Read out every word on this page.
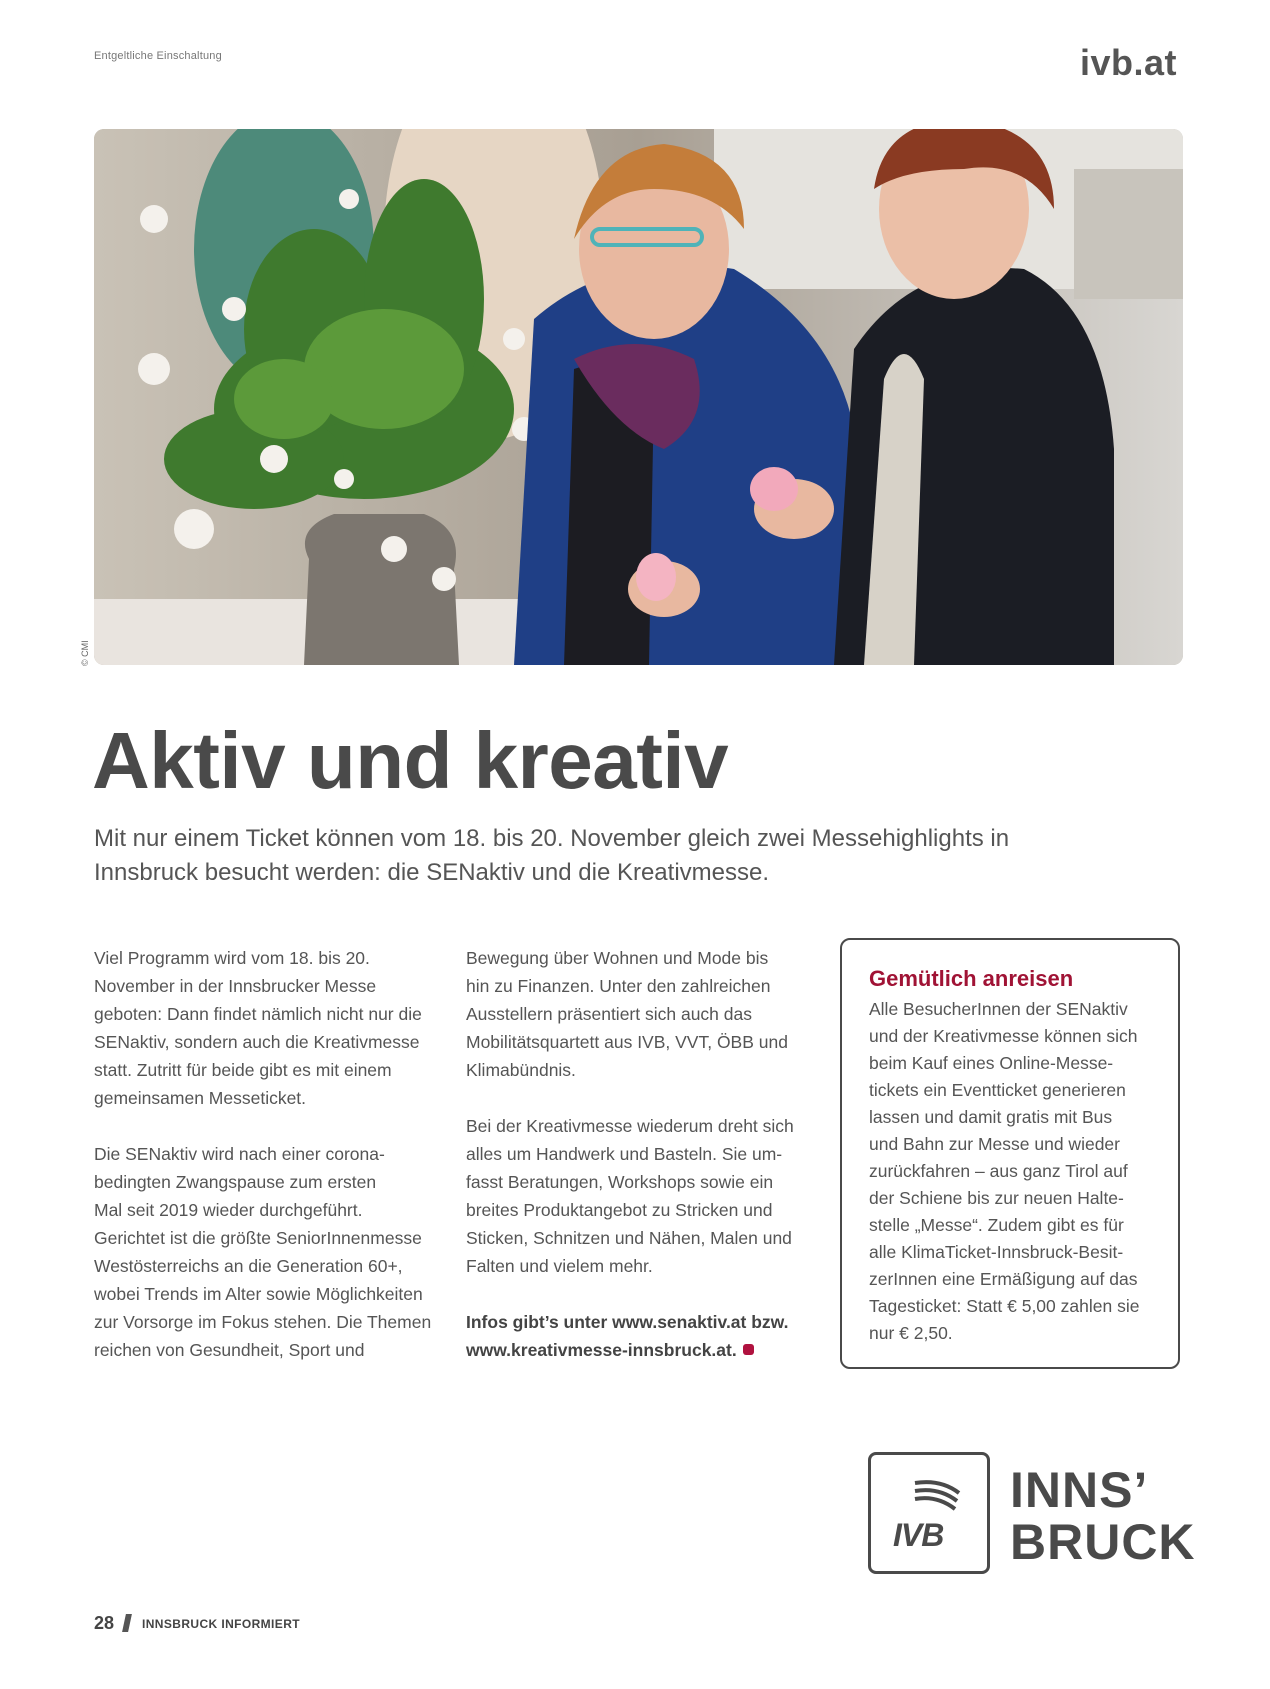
Entgeltliche Einschaltung	ivb.at
© CMI
Aktiv und kreativ
Mit nur einem Ticket können vom 18. bis 20. November gleich zwei Messehighlights in Innsbruck besucht werden: die SENaktiv und die Kreativmesse.

Viel Programm wird vom 18. bis 20.
November in der Innsbrucker Messe
geboten: Dann findet nämlich nicht nur die
SENaktiv, sondern auch die Kreativmesse
statt. Zutritt für beide gibt es mit einem
gemeinsamen Messeticket.

Die SENaktiv wird nach einer corona-
bedingten Zwangspause zum ersten
Mal seit 2019 wieder durchgeführt.
Gerichtet ist die größte SeniorInnenmesse
Westösterreichs an die Generation 60+,
wobei Trends im Alter sowie Möglichkeiten
zur Vorsorge im Fokus stehen. Die Themen
reichen von Gesundheit, Sport und

Bewegung über Wohnen und Mode bis
hin zu Finanzen. Unter den zahlreichen
Ausstellern präsentiert sich auch das
Mobilitätsquartett aus IVB, VVT, ÖBB und
Klimabündnis.

Bei der Kreativmesse wiederum dreht sich
alles um Handwerk und Basteln. Sie um-
fasst Beratungen, Workshops sowie ein
breites Produktangebot zu Stricken und
Sticken, Schnitzen und Nähen, Malen und
Falten und vielem mehr.

Infos gibt’s unter www.senaktiv.at bzw.
www.kreativmesse-innsbruck.at.

Gemütlich anreisen
Alle BesucherInnen der SENaktiv
und der Kreativmesse können sich
beim Kauf eines Online-Messe-
tickets ein Eventticket generieren
lassen und damit gratis mit Bus
und Bahn zur Messe und wieder
zurückfahren – aus ganz Tirol auf
der Schiene bis zur neuen Halte-
stelle „Messe“. Zudem gibt es für
alle KlimaTicket-Innsbruck-Besit-
zerInnen eine Ermäßigung auf das
Tagesticket: Statt € 5,00 zahlen sie
nur € 2,50.
IVB
INNS’
BRUCK
28 INNSBRUCK INFORMIERT
